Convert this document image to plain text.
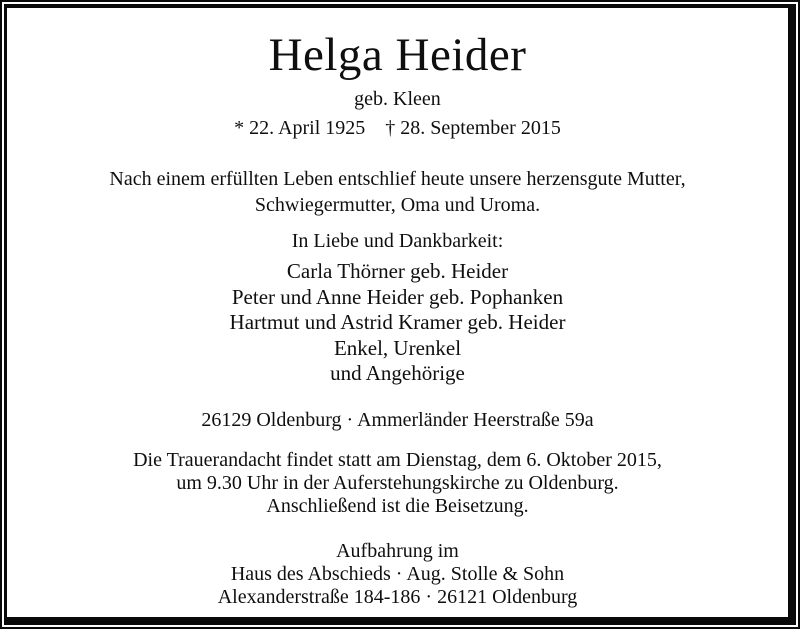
Helga Heider
geb. Kleen
* 22. April 1925 † 28. September 2015
Nach einem erfüllten Leben entschlief heute unsere herzensgute Mutter,
Schwiegermutter, Oma und Uroma.
In Liebe und Dankbarkeit:
Carla Thörner geb. Heider
Peter und Anne Heider geb. Pophanken
Hartmut und Astrid Kramer geb. Heider
Enkel, Urenkel
und Angehörige
26129 Oldenburg · Ammerländer Heerstraße 59a
Die Trauerandacht findet statt am Dienstag, dem 6. Oktober 2015,
um 9.30 Uhr in der Auferstehungskirche zu Oldenburg.
Anschließend ist die Beisetzung.
Aufbahrung im
Haus des Abschieds · Aug. Stolle & Sohn
Alexanderstraße 184-186 · 26121 Oldenburg
